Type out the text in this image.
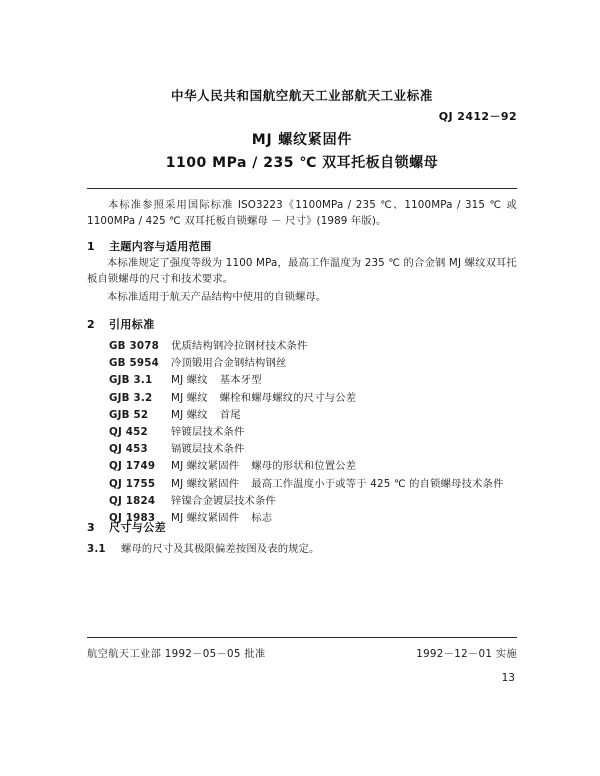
中华人民共和国航空航天工业部航天工业标准
QJ 2412－92
MJ 螺纹紧固件
1100 MPa / 235 ℃ 双耳托板自锁螺母
本标准参照采用国际标准 ISO3223《1100MPa / 235 ℃、1100MPa / 315 ℃ 或 1100MPa / 425 ℃ 双耳托板自锁螺母 － 尺寸》(1989 年版)。
1 主题内容与适用范围
本标准规定了强度等级为 1100 MPa，最高工作温度为 235 ℃ 的合金钢 MJ 螺纹双耳托板自锁螺母的尺寸和技术要求。
本标准适用于航天产品结构中使用的自锁螺母。
2 引用标准
GB 3078	优质结构钢冷拉钢材技术条件
GB 5954	冷顶锻用合金钢结构钢丝
GJB 3.1	MJ 螺纹 基本牙型
GJB 3.2	MJ 螺纹 螺栓和螺母螺纹的尺寸与公差
GJB 52	MJ 螺纹 首尾
QJ 452	锌镀层技术条件
QJ 453	镉镀层技术条件
QJ 1749	MJ 螺纹紧固件 螺母的形状和位置公差
QJ 1755	MJ 螺纹紧固件 最高工作温度小于或等于 425 ℃ 的自锁螺母技术条件
QJ 1824	锌镍合金镀层技术条件
QJ 1983	MJ 螺纹紧固件 标志
3 尺寸与公差
3.1 螺母的尺寸及其极限偏差按图及表的规定。
航空航天工业部 1992－05－05 批准	1992－12－01 实施
13
